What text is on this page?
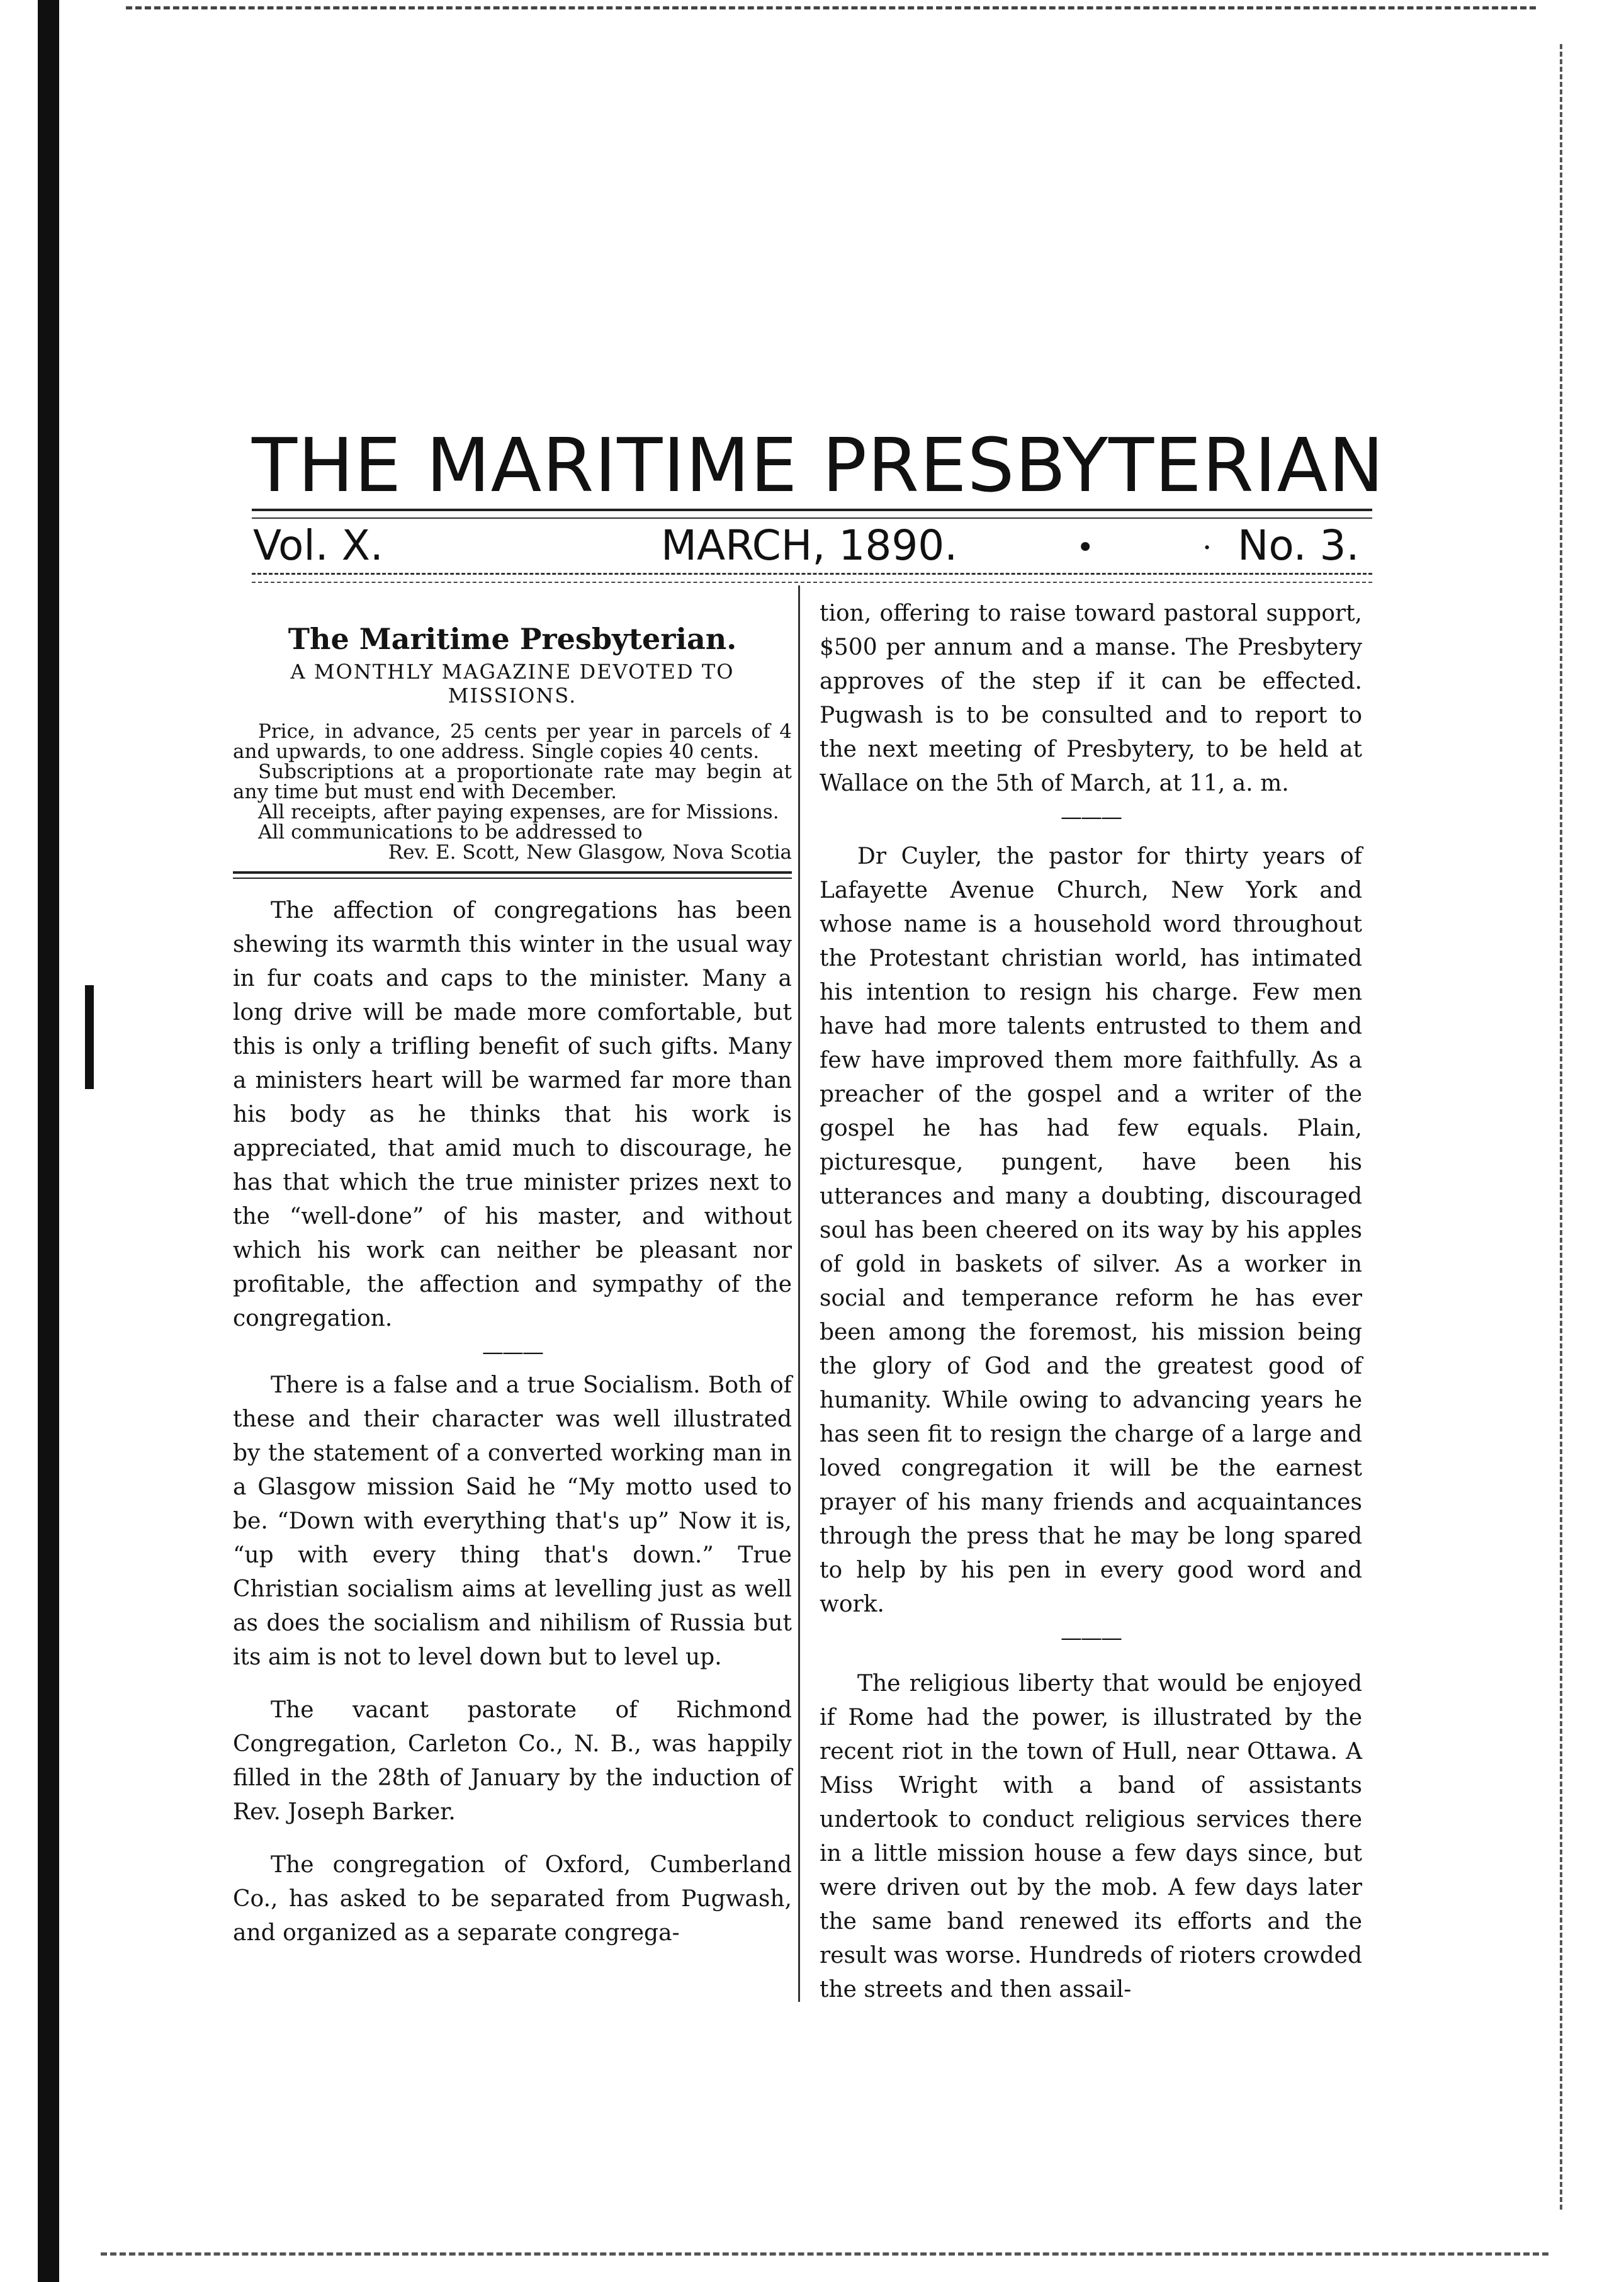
THE MARITIME PRESBYTERIAN
Vol. X.	MARCH, 1890.	•	· No. 3.
The Maritime Presbyterian.
A MONTHLY MAGAZINE DEVOTED TO MISSIONS.
Price, in advance, 25 cents per year in parcels of 4 and upwards, to one address. Single copies 40 cents.
Subscriptions at a proportionate rate may begin at any time but must end with December.
All receipts, after paying expenses, are for Missions.
All communications to be addressed to
Rev. E. Scott, New Glasgow, Nova Scotia

The affection of congregations has been shewing its warmth this winter in the usual way in fur coats and caps to the minister. Many a long drive will be made more comfortable, but this is only a trifling benefit of such gifts. Many a ministers heart will be warmed far more than his body as he thinks that his work is appreciated, that amid much to discourage, he has that which the true minister prizes next to the “well-done” of his master, and without which his work can neither be pleasant nor profitable, the affection and sympathy of the congregation.

———

There is a false and a true Socialism. Both of these and their character was well illustrated by the statement of a converted working man in a Glasgow mission Said he “My motto used to be. “Down with everything that's up” Now it is, “up with every thing that's down.” True Christian socialism aims at levelling just as well as does the socialism and nihilism of Russia but its aim is not to level down but to level up.

The vacant pastorate of Richmond Congregation, Carleton Co., N. B., was happily filled in the 28th of January by the induction of Rev. Joseph Barker.

The congregation of Oxford, Cumberland Co., has asked to be separated from Pugwash, and organized as a separate congrega-

tion, offering to raise toward pastoral support, $500 per annum and a manse. The Presbytery approves of the step if it can be effected. Pugwash is to be consulted and to report to the next meeting of Presbytery, to be held at Wallace on the 5th of March, at 11, a. m.

———

Dr Cuyler, the pastor for thirty years of Lafayette Avenue Church, New York and whose name is a household word throughout the Protestant christian world, has intimated his intention to resign his charge. Few men have had more talents entrusted to them and few have improved them more faithfully. As a preacher of the gospel and a writer of the gospel he has had few equals. Plain, picturesque, pungent, have been his utterances and many a doubting, discouraged soul has been cheered on its way by his apples of gold in baskets of silver. As a worker in social and temperance reform he has ever been among the foremost, his mission being the glory of God and the greatest good of humanity. While owing to advancing years he has seen fit to resign the charge of a large and loved congregation it will be the earnest prayer of his many friends and acquaintances through the press that he may be long spared to help by his pen in every good word and work.

———

The religious liberty that would be enjoyed if Rome had the power, is illustrated by the recent riot in the town of Hull, near Ottawa. A Miss Wright with a band of assistants undertook to conduct religious services there in a little mission house a few days since, but were driven out by the mob. A few days later the same band renewed its efforts and the result was worse. Hundreds of rioters crowded the streets and then assail-
